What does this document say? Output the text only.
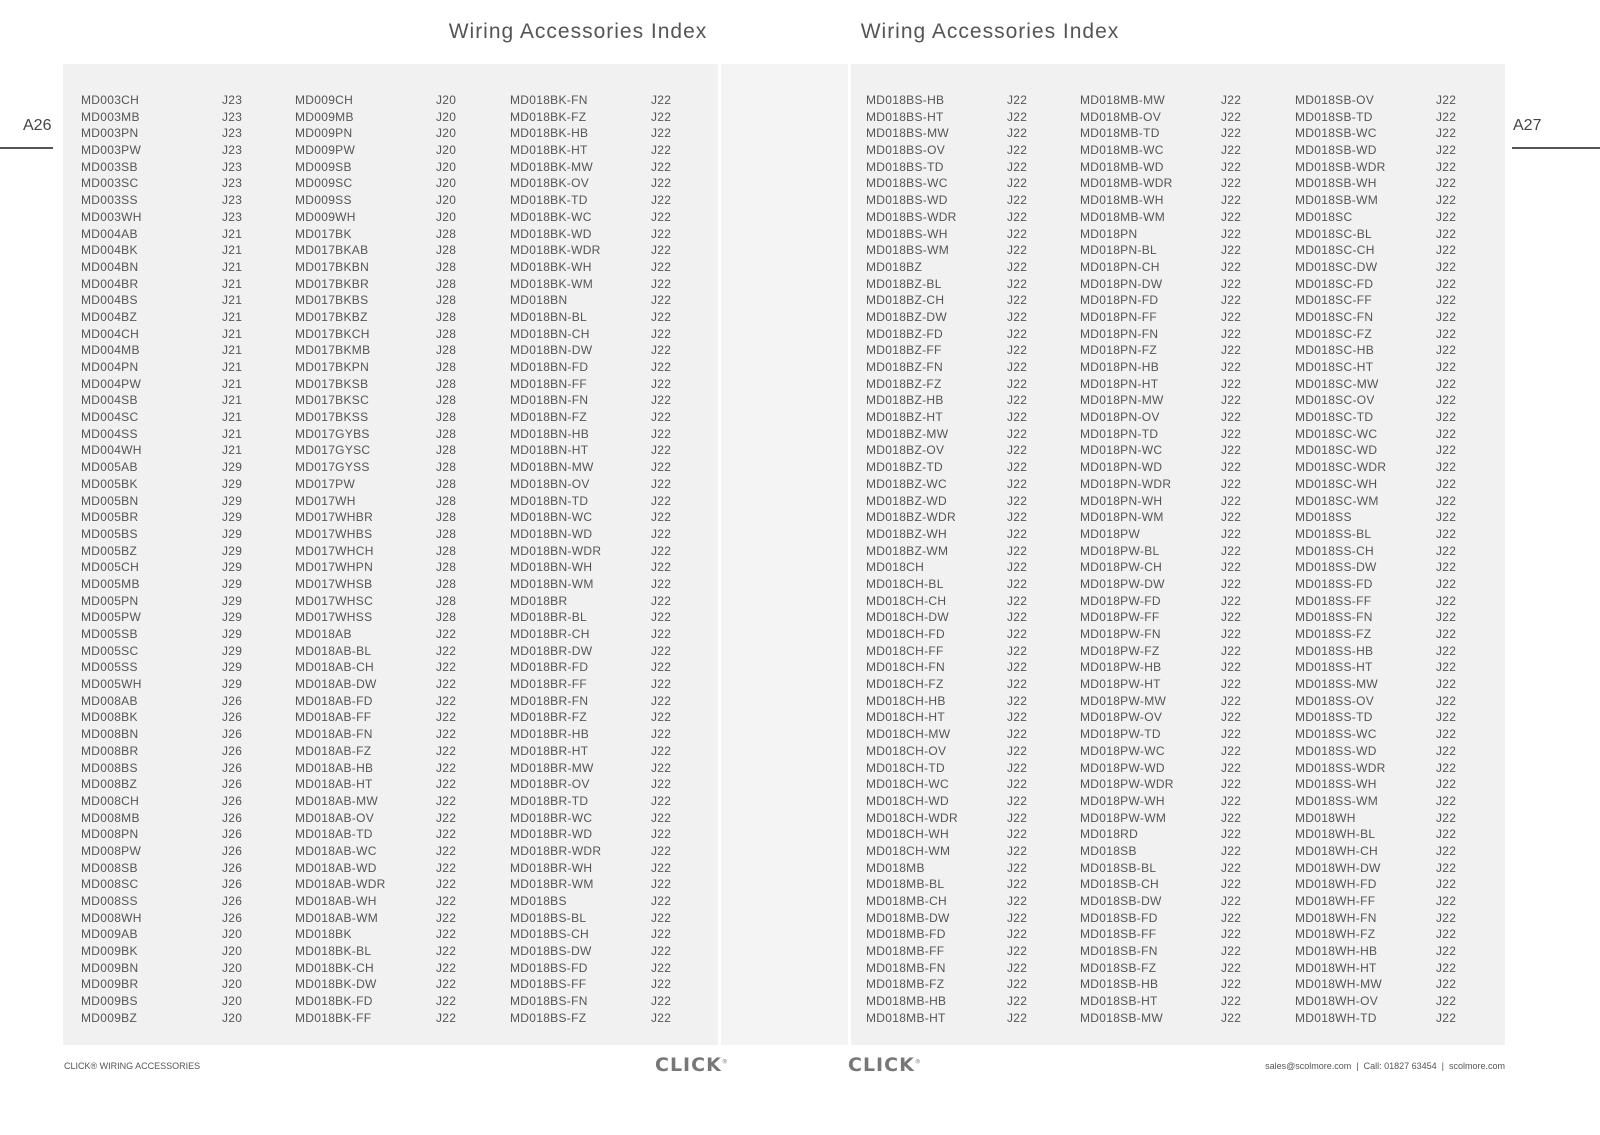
Wiring Accessories Index	Wiring Accessories Index
A26	A27
MD003CH	J23
MD003MB	J23
MD003PN	J23
MD003PW	J23
MD003SB	J23
MD003SC	J23
MD003SS	J23
MD003WH	J23
MD004AB	J21
MD004BK	J21
MD004BN	J21
MD004BR	J21
MD004BS	J21
MD004BZ	J21
MD004CH	J21
MD004MB	J21
MD004PN	J21
MD004PW	J21
MD004SB	J21
MD004SC	J21
MD004SS	J21
MD004WH	J21
MD005AB	J29
MD005BK	J29
MD005BN	J29
MD005BR	J29
MD005BS	J29
MD005BZ	J29
MD005CH	J29
MD005MB	J29
MD005PN	J29
MD005PW	J29
MD005SB	J29
MD005SC	J29
MD005SS	J29
MD005WH	J29
MD008AB	J26
MD008BK	J26
MD008BN	J26
MD008BR	J26
MD008BS	J26
MD008BZ	J26
MD008CH	J26
MD008MB	J26
MD008PN	J26
MD008PW	J26
MD008SB	J26
MD008SC	J26
MD008SS	J26
MD008WH	J26
MD009AB	J20
MD009BK	J20
MD009BN	J20
MD009BR	J20
MD009BS	J20
MD009BZ	J20
MD009CH	J20
MD009MB	J20
MD009PN	J20
MD009PW	J20
MD009SB	J20
MD009SC	J20
MD009SS	J20
MD009WH	J20
MD017BK	J28
MD017BKAB	J28
MD017BKBN	J28
MD017BKBR	J28
MD017BKBS	J28
MD017BKBZ	J28
MD017BKCH	J28
MD017BKMB	J28
MD017BKPN	J28
MD017BKSB	J28
MD017BKSC	J28
MD017BKSS	J28
MD017GYBS	J28
MD017GYSC	J28
MD017GYSS	J28
MD017PW	J28
MD017WH	J28
MD017WHBR	J28
MD017WHBS	J28
MD017WHCH	J28
MD017WHPN	J28
MD017WHSB	J28
MD017WHSC	J28
MD017WHSS	J28
MD018AB	J22
MD018AB-BL	J22
MD018AB-CH	J22
MD018AB-DW	J22
MD018AB-FD	J22
MD018AB-FF	J22
MD018AB-FN	J22
MD018AB-FZ	J22
MD018AB-HB	J22
MD018AB-HT	J22
MD018AB-MW	J22
MD018AB-OV	J22
MD018AB-TD	J22
MD018AB-WC	J22
MD018AB-WD	J22
MD018AB-WDR	J22
MD018AB-WH	J22
MD018AB-WM	J22
MD018BK	J22
MD018BK-BL	J22
MD018BK-CH	J22
MD018BK-DW	J22
MD018BK-FD	J22
MD018BK-FF	J22
MD018BK-FN	J22
MD018BK-FZ	J22
MD018BK-HB	J22
MD018BK-HT	J22
MD018BK-MW	J22
MD018BK-OV	J22
MD018BK-TD	J22
MD018BK-WC	J22
MD018BK-WD	J22
MD018BK-WDR	J22
MD018BK-WH	J22
MD018BK-WM	J22
MD018BN	J22
MD018BN-BL	J22
MD018BN-CH	J22
MD018BN-DW	J22
MD018BN-FD	J22
MD018BN-FF	J22
MD018BN-FN	J22
MD018BN-FZ	J22
MD018BN-HB	J22
MD018BN-HT	J22
MD018BN-MW	J22
MD018BN-OV	J22
MD018BN-TD	J22
MD018BN-WC	J22
MD018BN-WD	J22
MD018BN-WDR	J22
MD018BN-WH	J22
MD018BN-WM	J22
MD018BR	J22
MD018BR-BL	J22
MD018BR-CH	J22
MD018BR-DW	J22
MD018BR-FD	J22
MD018BR-FF	J22
MD018BR-FN	J22
MD018BR-FZ	J22
MD018BR-HB	J22
MD018BR-HT	J22
MD018BR-MW	J22
MD018BR-OV	J22
MD018BR-TD	J22
MD018BR-WC	J22
MD018BR-WD	J22
MD018BR-WDR	J22
MD018BR-WH	J22
MD018BR-WM	J22
MD018BS	J22
MD018BS-BL	J22
MD018BS-CH	J22
MD018BS-DW	J22
MD018BS-FD	J22
MD018BS-FF	J22
MD018BS-FN	J22
MD018BS-FZ	J22
MD018BS-HB	J22
MD018BS-HT	J22
MD018BS-MW	J22
MD018BS-OV	J22
MD018BS-TD	J22
MD018BS-WC	J22
MD018BS-WD	J22
MD018BS-WDR	J22
MD018BS-WH	J22
MD018BS-WM	J22
MD018BZ	J22
MD018BZ-BL	J22
MD018BZ-CH	J22
MD018BZ-DW	J22
MD018BZ-FD	J22
MD018BZ-FF	J22
MD018BZ-FN	J22
MD018BZ-FZ	J22
MD018BZ-HB	J22
MD018BZ-HT	J22
MD018BZ-MW	J22
MD018BZ-OV	J22
MD018BZ-TD	J22
MD018BZ-WC	J22
MD018BZ-WD	J22
MD018BZ-WDR	J22
MD018BZ-WH	J22
MD018BZ-WM	J22
MD018CH	J22
MD018CH-BL	J22
MD018CH-CH	J22
MD018CH-DW	J22
MD018CH-FD	J22
MD018CH-FF	J22
MD018CH-FN	J22
MD018CH-FZ	J22
MD018CH-HB	J22
MD018CH-HT	J22
MD018CH-MW	J22
MD018CH-OV	J22
MD018CH-TD	J22
MD018CH-WC	J22
MD018CH-WD	J22
MD018CH-WDR	J22
MD018CH-WH	J22
MD018CH-WM	J22
MD018MB	J22
MD018MB-BL	J22
MD018MB-CH	J22
MD018MB-DW	J22
MD018MB-FD	J22
MD018MB-FF	J22
MD018MB-FN	J22
MD018MB-FZ	J22
MD018MB-HB	J22
MD018MB-HT	J22
MD018MB-MW	J22
MD018MB-OV	J22
MD018MB-TD	J22
MD018MB-WC	J22
MD018MB-WD	J22
MD018MB-WDR	J22
MD018MB-WH	J22
MD018MB-WM	J22
MD018PN	J22
MD018PN-BL	J22
MD018PN-CH	J22
MD018PN-DW	J22
MD018PN-FD	J22
MD018PN-FF	J22
MD018PN-FN	J22
MD018PN-FZ	J22
MD018PN-HB	J22
MD018PN-HT	J22
MD018PN-MW	J22
MD018PN-OV	J22
MD018PN-TD	J22
MD018PN-WC	J22
MD018PN-WD	J22
MD018PN-WDR	J22
MD018PN-WH	J22
MD018PN-WM	J22
MD018PW	J22
MD018PW-BL	J22
MD018PW-CH	J22
MD018PW-DW	J22
MD018PW-FD	J22
MD018PW-FF	J22
MD018PW-FN	J22
MD018PW-FZ	J22
MD018PW-HB	J22
MD018PW-HT	J22
MD018PW-MW	J22
MD018PW-OV	J22
MD018PW-TD	J22
MD018PW-WC	J22
MD018PW-WD	J22
MD018PW-WDR	J22
MD018PW-WH	J22
MD018PW-WM	J22
MD018RD	J22
MD018SB	J22
MD018SB-BL	J22
MD018SB-CH	J22
MD018SB-DW	J22
MD018SB-FD	J22
MD018SB-FF	J22
MD018SB-FN	J22
MD018SB-FZ	J22
MD018SB-HB	J22
MD018SB-HT	J22
MD018SB-MW	J22
MD018SB-OV	J22
MD018SB-TD	J22
MD018SB-WC	J22
MD018SB-WD	J22
MD018SB-WDR	J22
MD018SB-WH	J22
MD018SB-WM	J22
MD018SC	J22
MD018SC-BL	J22
MD018SC-CH	J22
MD018SC-DW	J22
MD018SC-FD	J22
MD018SC-FF	J22
MD018SC-FN	J22
MD018SC-FZ	J22
MD018SC-HB	J22
MD018SC-HT	J22
MD018SC-MW	J22
MD018SC-OV	J22
MD018SC-TD	J22
MD018SC-WC	J22
MD018SC-WD	J22
MD018SC-WDR	J22
MD018SC-WH	J22
MD018SC-WM	J22
MD018SS	J22
MD018SS-BL	J22
MD018SS-CH	J22
MD018SS-DW	J22
MD018SS-FD	J22
MD018SS-FF	J22
MD018SS-FN	J22
MD018SS-FZ	J22
MD018SS-HB	J22
MD018SS-HT	J22
MD018SS-MW	J22
MD018SS-OV	J22
MD018SS-TD	J22
MD018SS-WC	J22
MD018SS-WD	J22
MD018SS-WDR	J22
MD018SS-WH	J22
MD018SS-WM	J22
MD018WH	J22
MD018WH-BL	J22
MD018WH-CH	J22
MD018WH-DW	J22
MD018WH-FD	J22
MD018WH-FF	J22
MD018WH-FN	J22
MD018WH-FZ	J22
MD018WH-HB	J22
MD018WH-HT	J22
MD018WH-MW	J22
MD018WH-OV	J22
MD018WH-TD	J22
CLICK® WIRING ACCESSORIES	CLICK®	CLICK®	sales@scolmore.com  |  Call: 01827 63454  |  scolmore.com
